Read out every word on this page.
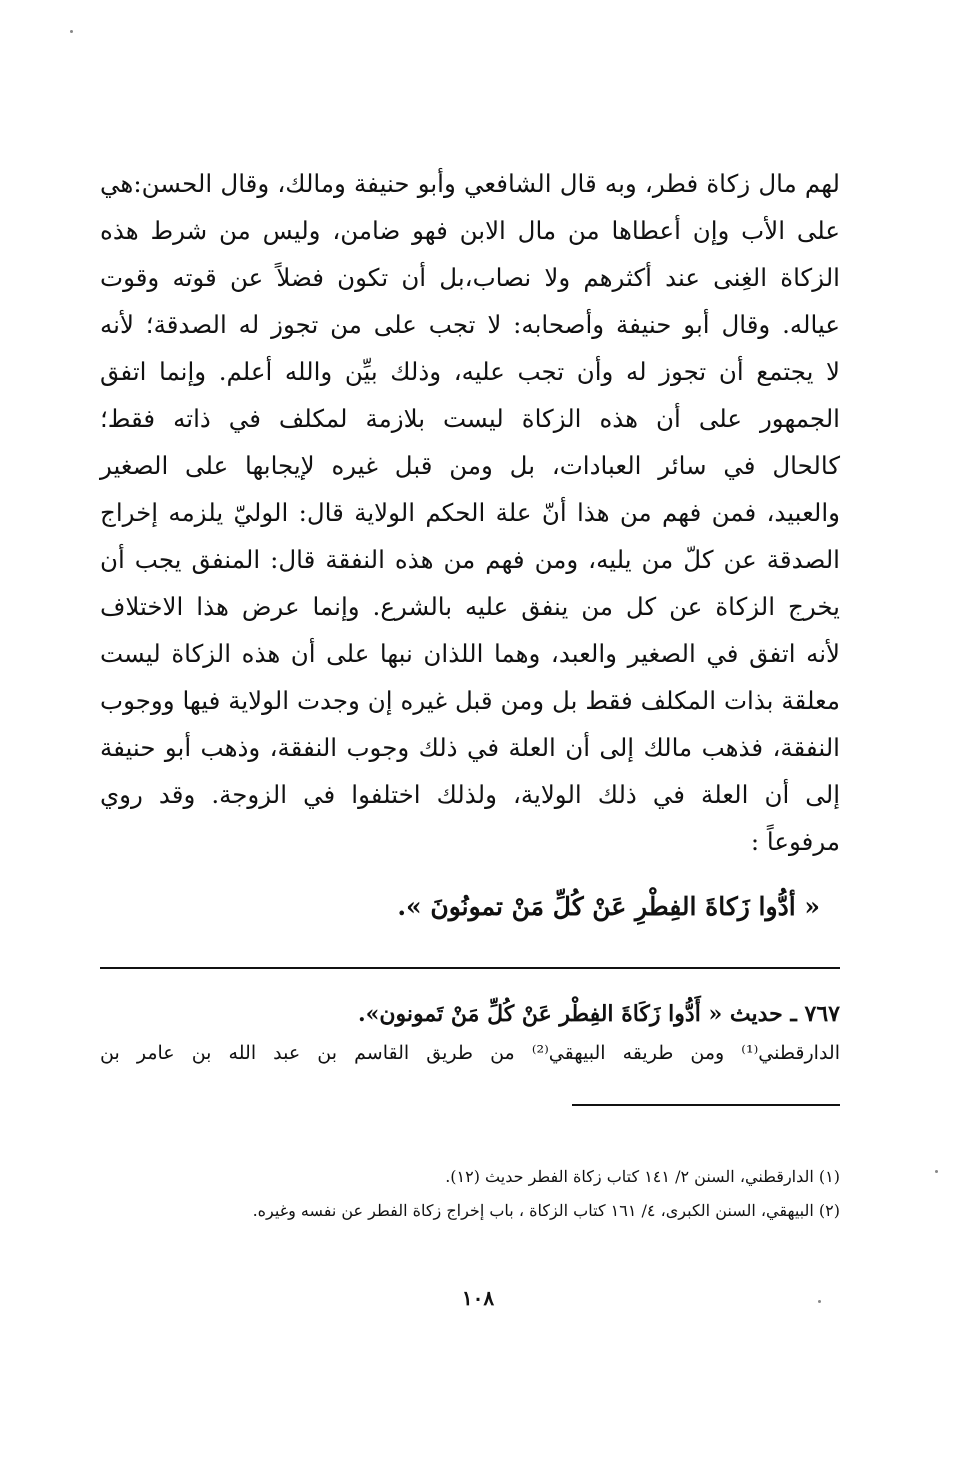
لهم مال زكاة فطر، وبه قال الشافعي وأبو حنيفة ومالك، وقال الحسن:هي
على الأب وإن أعطاها من مال الابن فهو ضامن، وليس من شرط هذه
الزكاة الغِنى عند أكثرهم ولا نصاب،بل أن تكون فضلاً عن قوته وقوت
عياله. وقال أبو حنيفة وأصحابه: لا تجب على من تجوز له الصدقة؛ لأنه
لا يجتمع أن تجوز له وأن تجب عليه، وذلك بيِّن والله أعلم. وإنما اتفق
الجمهور على أن هذه الزكاة ليست بلازمة لمكلف في ذاته فقط؛
كالحال في سائر العبادات، بل ومن قبل غيره لإيجابها على الصغير
والعبيد، فمن فهم من هذا أنّ علة الحكم الولاية قال: الوليّ يلزمه إخراج
الصدقة عن كلّ من يليه، ومن فهم من هذه النفقة قال: المنفق يجب أن
يخرج الزكاة عن كل من ينفق عليه بالشرع. وإنما عرض هذا الاختلاف
لأنه اتفق في الصغير والعبد، وهما اللذان نبها على أن هذه الزكاة ليست
معلقة بذات المكلف فقط بل ومن قبل غيره إن وجدت الولاية فيها ووجوب
النفقة، فذهب مالك إلى أن العلة في ذلك وجوب النفقة، وذهب أبو حنيفة
إلى أن العلة في ذلك الولاية، ولذلك اختلفوا في الزوجة. وقد روي
مرفوعاً :
« أدُّوا زَكاةَ الفِطْرِ عَنْ كُلِّ مَنْ تمونُونَ ».
٧٦٧ ـ حديث « أَدُّوا زَكَاةَ الفِطْر عَنْ كُلِّ مَنْ تَمونون».
الدارقطني⁽¹⁾ ومن طريقه البيهقي⁽²⁾ من طريق القاسم بن عبد الله بن عامر بن
(١) الدارقطني، السنن ٢/ ١٤١ كتاب زكاة الفطر حديث (١٢).
(٢) البيهقي، السنن الكبرى، ٤/ ١٦١ كتاب الزكاة ، باب إخراج زكاة الفطر عن نفسه وغيره.
١٠٨
